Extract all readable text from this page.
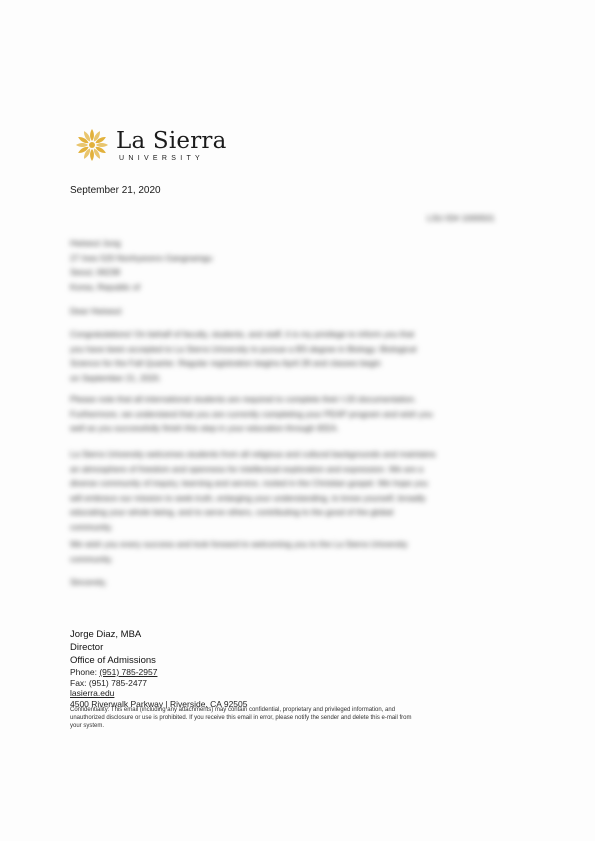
La Sierra
UNIVERSITY
September 21, 2020
LSU ID# 1000501
Hwiseul Jung
27 Ines 520 Nonhyeonro Gangnamgu
Seoul, 06238
Korea, Republic of
Dear Hwiseul:
Congratulations! On behalf of faculty, students, and staff, it is my privilege to inform you that
you have been accepted to La Sierra University to pursue a BS degree in Biology: Biological
Science for the Fall Quarter. Regular registration begins April 28 and classes begin
on September 21, 2020.
Please note that all international students are required to complete their I-20 documentation.
Furthermore, we understand that you are currently completing your PEAP program and wish you
well as you successfully finish this step in your education through IEEA.
La Sierra University welcomes students from all religious and cultural backgrounds and maintains
an atmosphere of freedom and openness for intellectual exploration and expression. We are a
diverse community of inquiry, learning and service, rooted in the Christian gospel. We hope you
will embrace our mission to seek truth, enlarging your understanding, to know yourself, broadly
educating your whole being, and to serve others, contributing to the good of the global
community.
We wish you every success and look forward to welcoming you to the La Sierra University
community.
Sincerely,
Jorge Diaz, MBA
Director
Office of Admissions
Phone: (951) 785-2957
Fax: (951) 785-2477
lasierra.edu
4500 Riverwalk Parkway | Riverside, CA 92505
Confidentiality: This email (including any attachments) may contain confidential, proprietary and privileged information, and
unauthorized disclosure or use is prohibited. If you receive this email in error, please notify the sender and delete this e-mail from
your system.
